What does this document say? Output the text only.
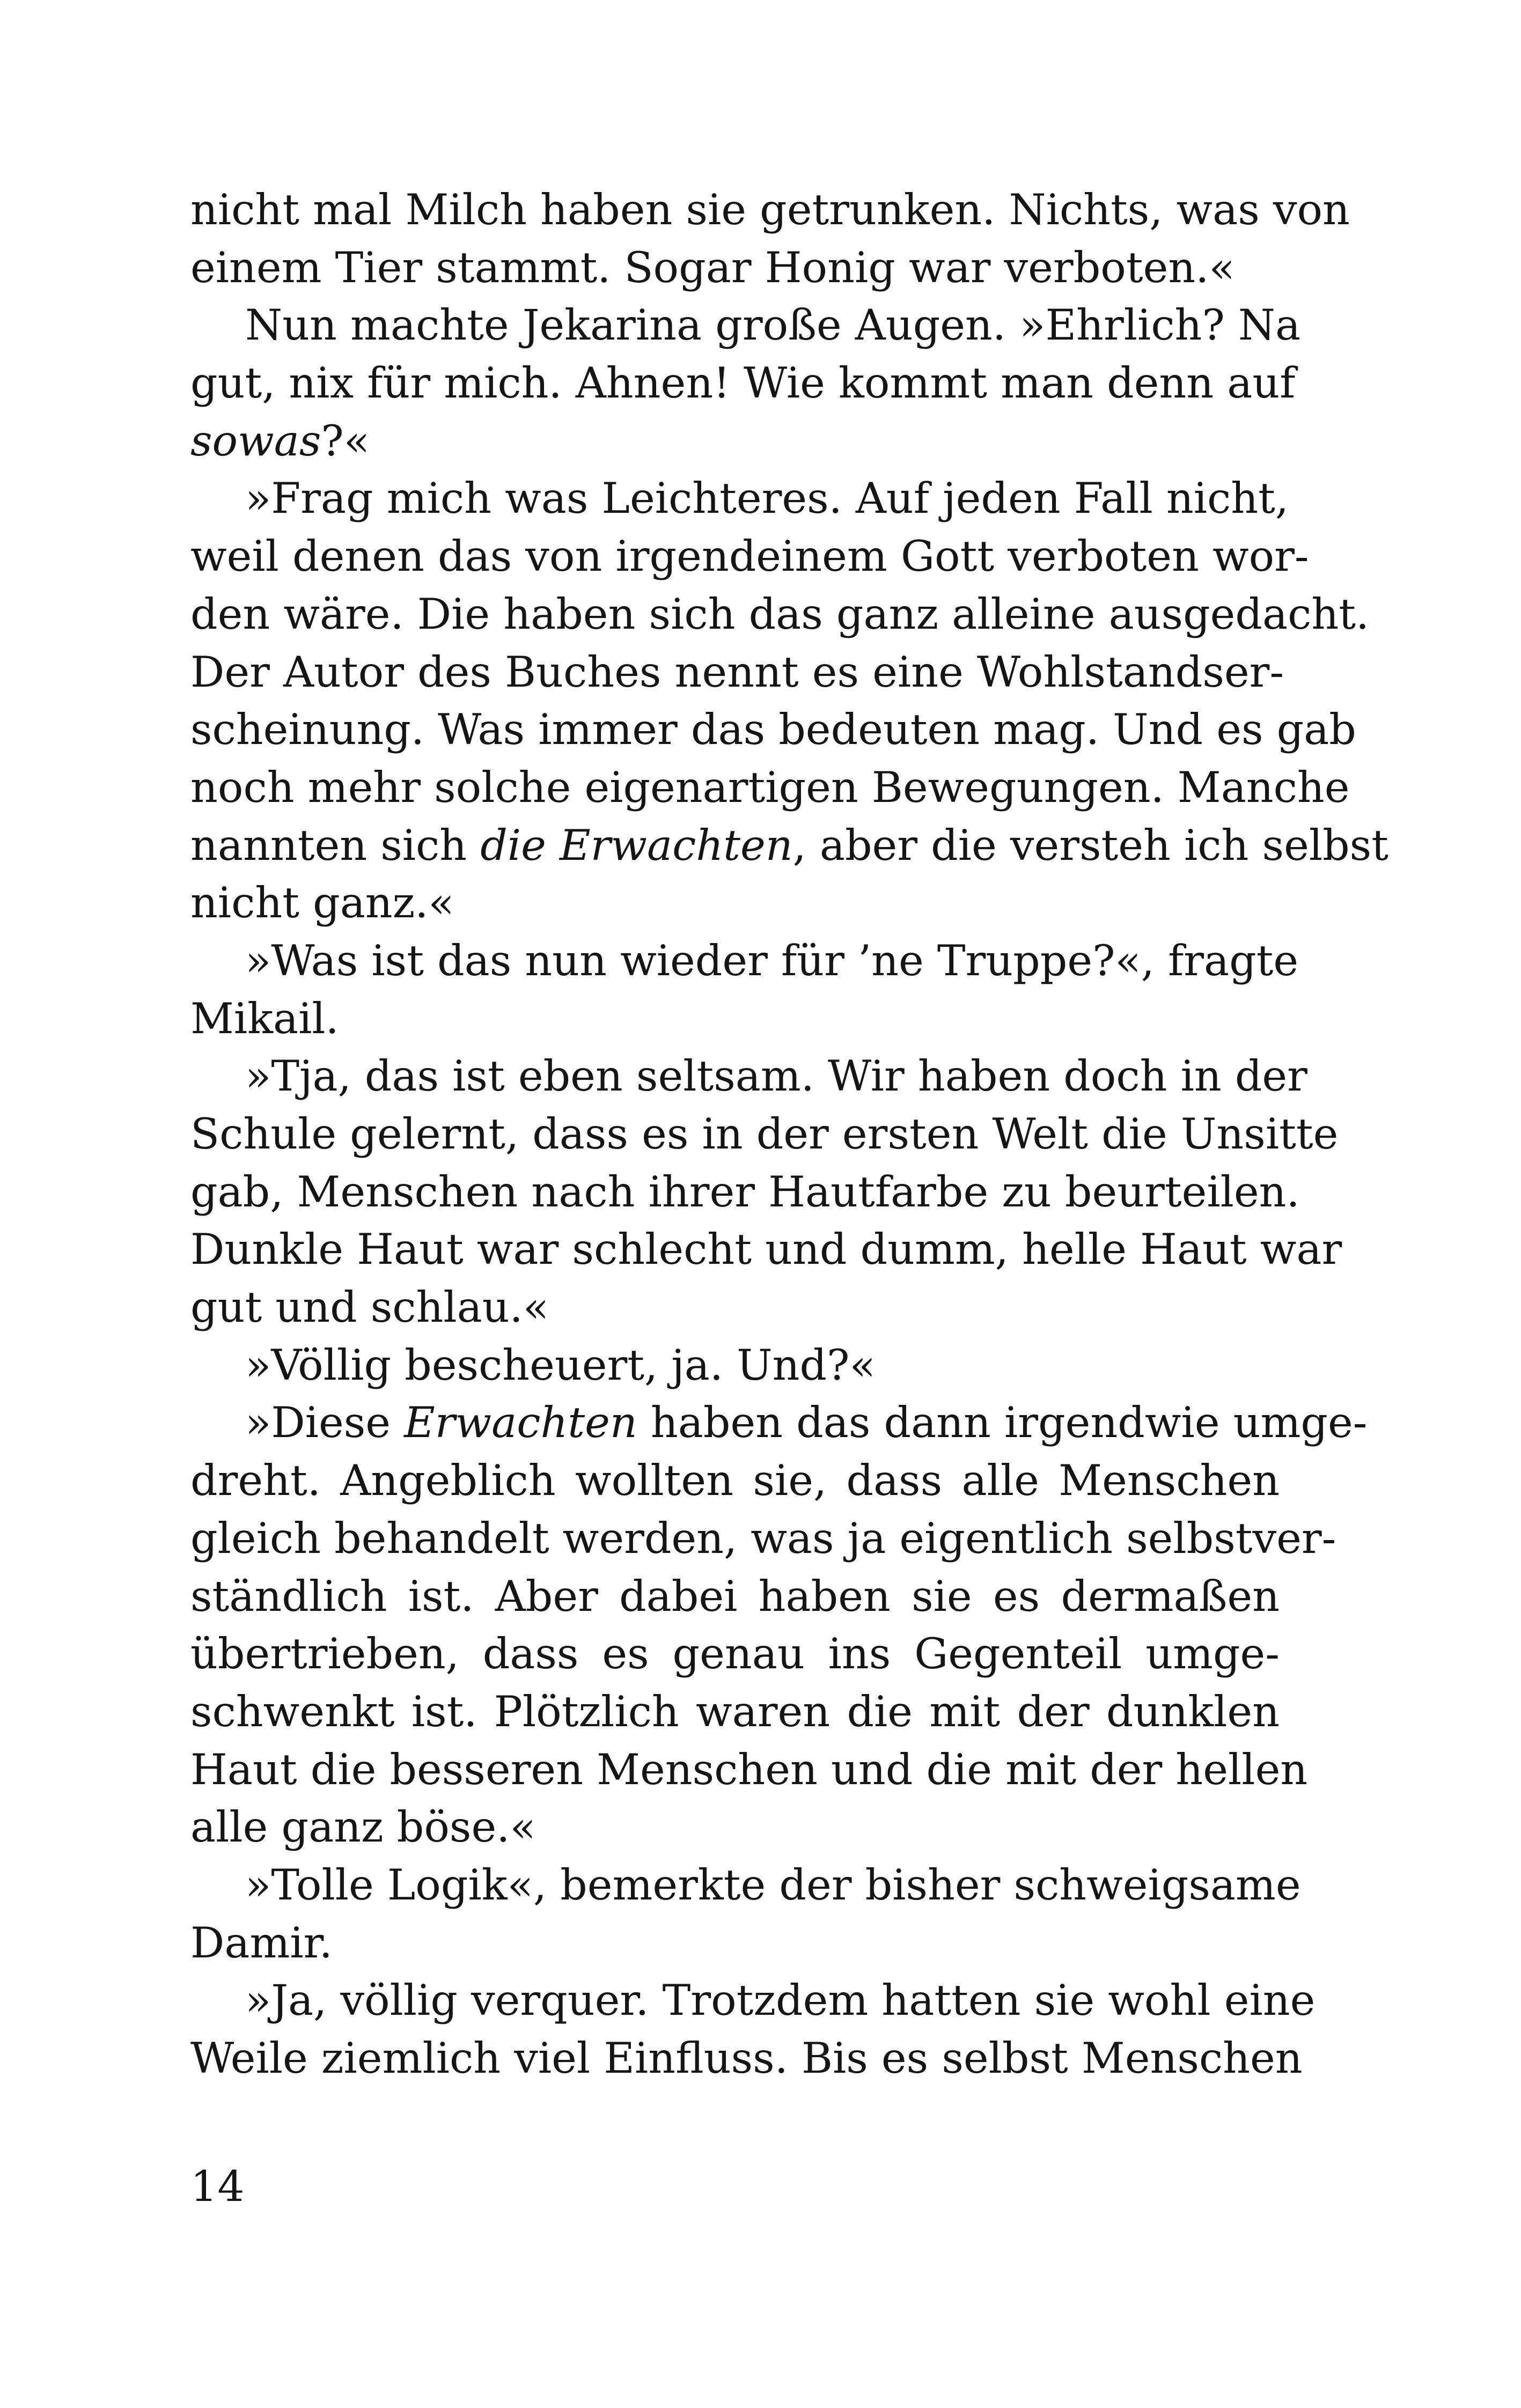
nicht mal Milch haben sie getrunken. Nichts, was von
einem Tier stammt. Sogar Honig war verboten.«
Nun machte Jekarina große Augen. »Ehrlich? Na
gut, nix für mich. Ahnen! Wie kommt man denn auf
sowas?«
»Frag mich was Leichteres. Auf jeden Fall nicht,
weil denen das von irgendeinem Gott verboten wor-
den wäre. Die haben sich das ganz alleine ausgedacht.
Der Autor des Buches nennt es eine Wohlstandser-
scheinung. Was immer das bedeuten mag. Und es gab
noch mehr solche eigenartigen Bewegungen. Manche
nannten sich die Erwachten, aber die versteh ich selbst
nicht ganz.«
»Was ist das nun wieder für ’ne Truppe?«, fragte
Mikail.
»Tja, das ist eben seltsam. Wir haben doch in der
Schule gelernt, dass es in der ersten Welt die Unsitte
gab, Menschen nach ihrer Hautfarbe zu beurteilen.
Dunkle Haut war schlecht und dumm, helle Haut war
gut und schlau.«
»Völlig bescheuert, ja. Und?«
»Diese Erwachten haben das dann irgendwie umge-
dreht. Angeblich wollten sie, dass alle Menschen
gleich behandelt werden, was ja eigentlich selbstver-
ständlich ist. Aber dabei haben sie es dermaßen
übertrieben, dass es genau ins Gegenteil umge-
schwenkt ist. Plötzlich waren die mit der dunklen
Haut die besseren Menschen und die mit der hellen
alle ganz böse.«
»Tolle Logik«, bemerkte der bisher schweigsame
Damir.
»Ja, völlig verquer. Trotzdem hatten sie wohl eine
Weile ziemlich viel Einfluss. Bis es selbst Menschen
14
